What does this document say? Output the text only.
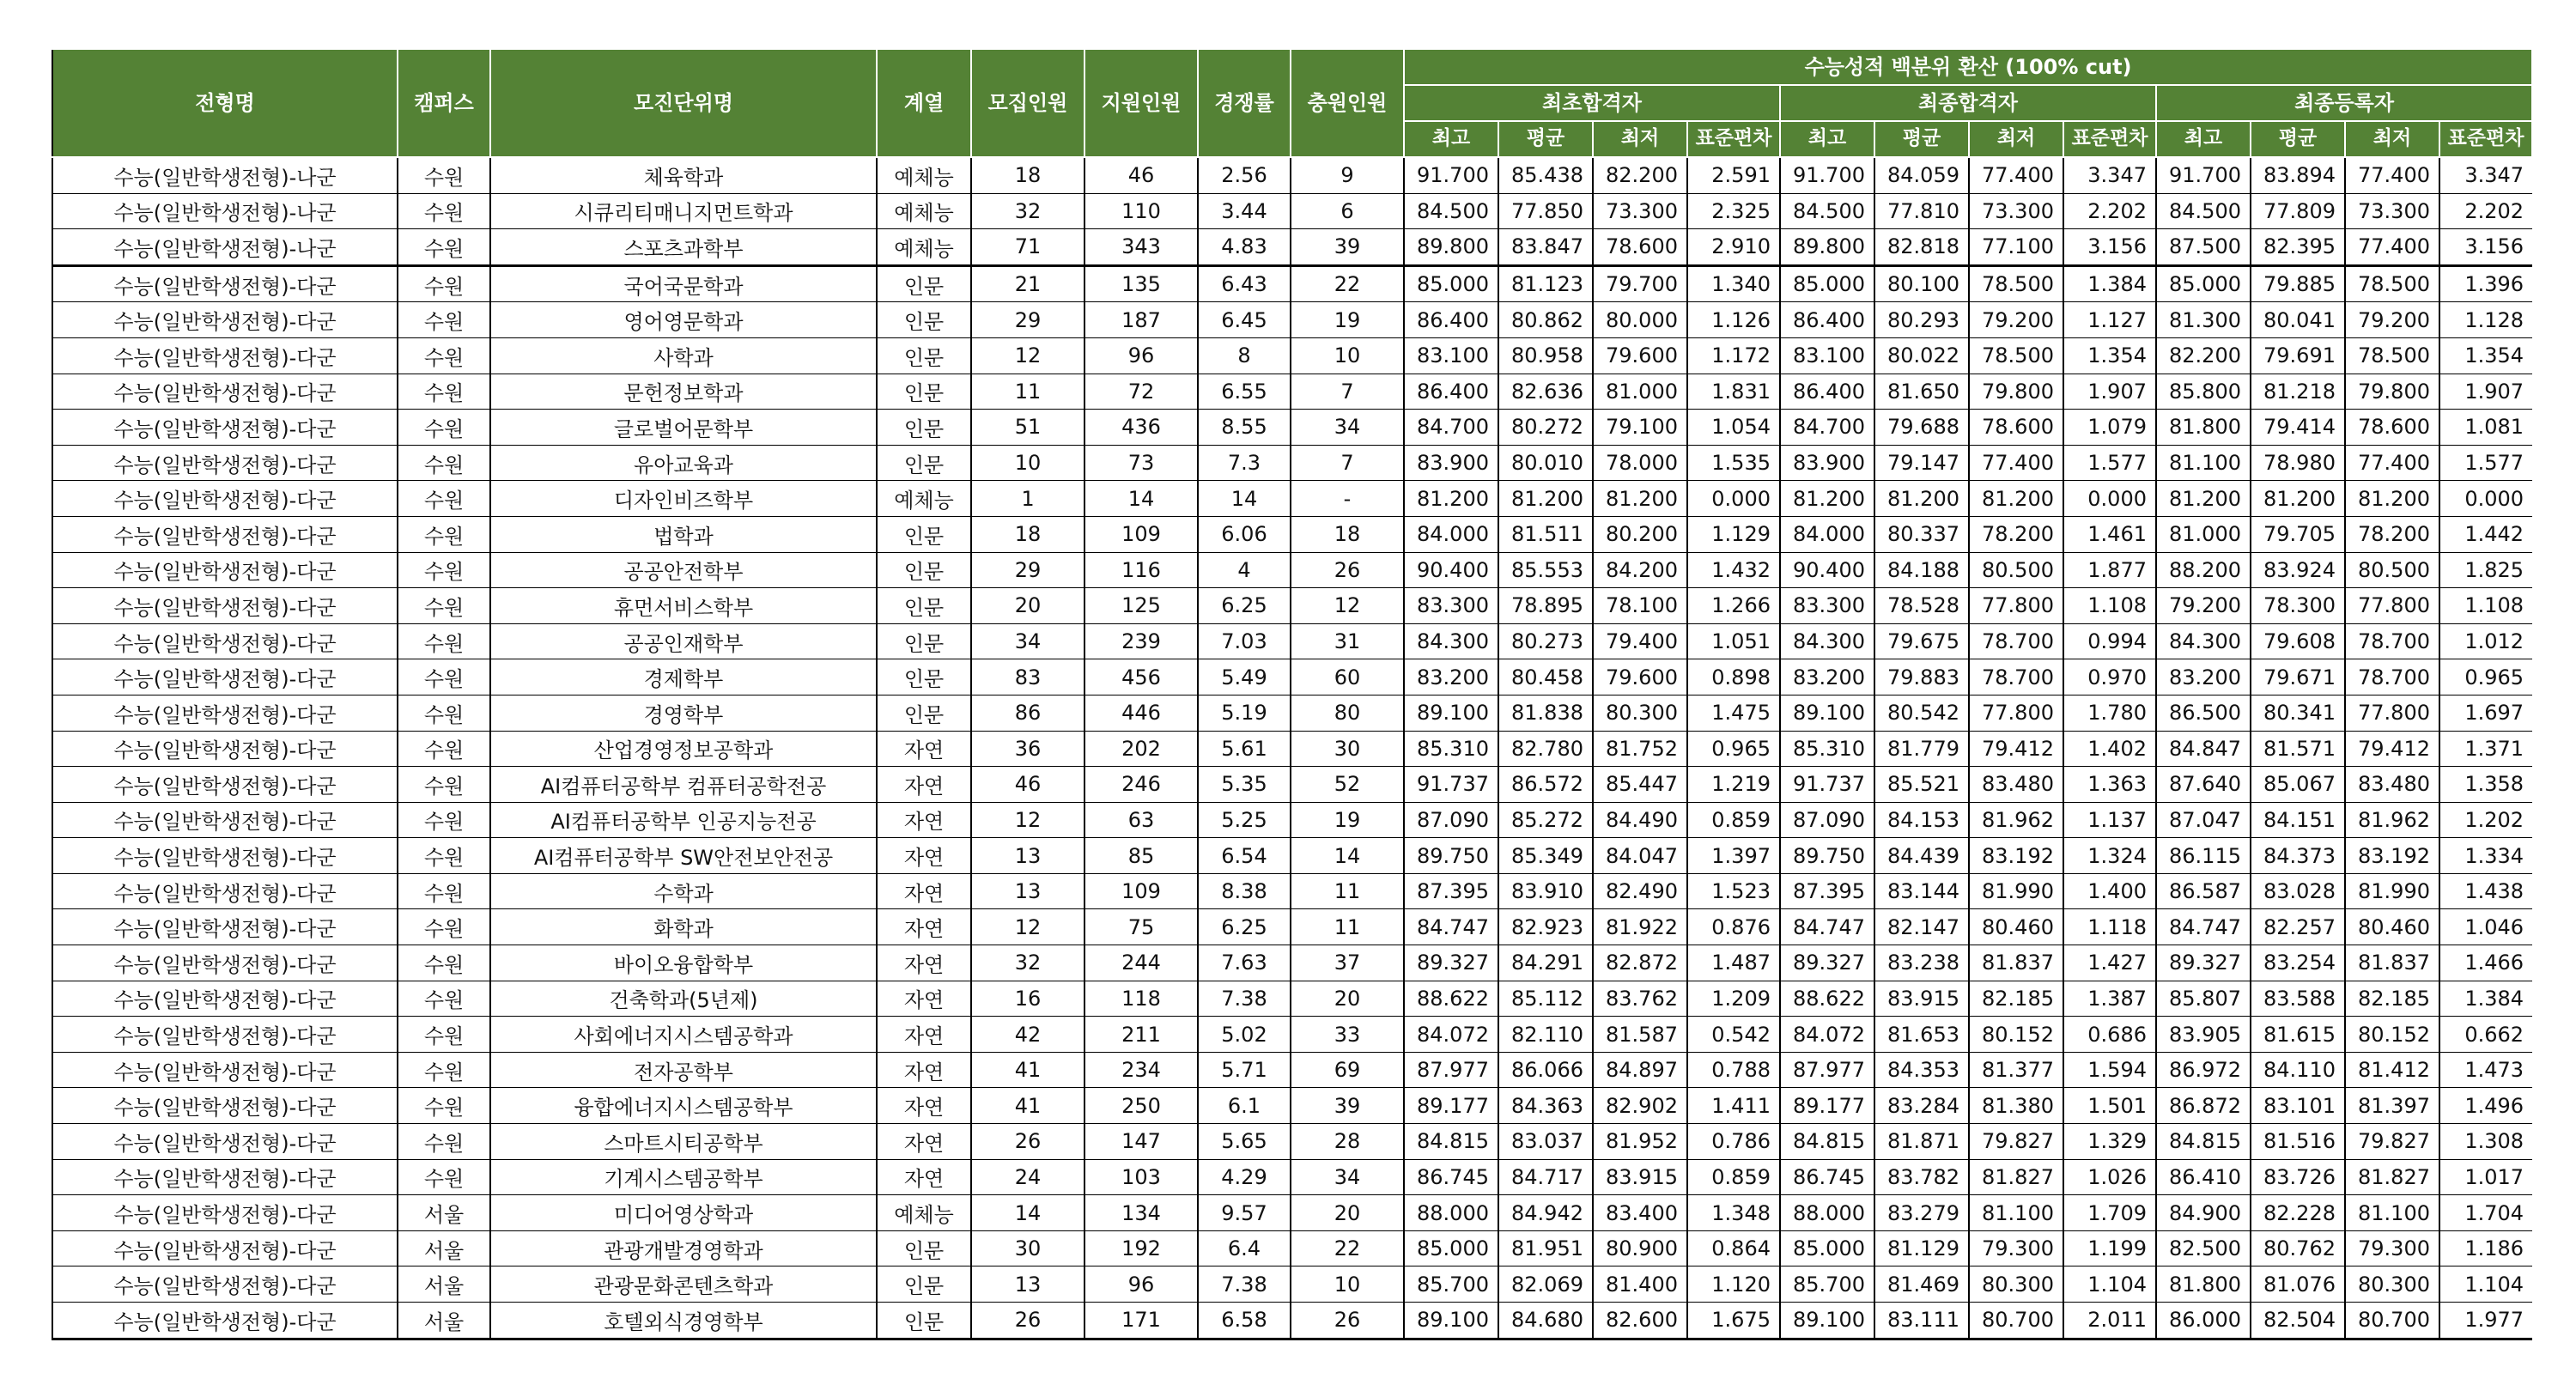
전형명	캠퍼스	모진단위명	계열	모집인원	지원인원	경쟁률	충원인원	수능성적 백분위 환산 (100% cut)											
								최초합격자				최종합격자				최종등록자			
								최고	평균	최저	표준편차	최고	평균	최저	표준편차	최고	평균	최저	표준편차
수능(일반학생전형)-나군	수원	체육학과	예체능	18	46	2.56	9	91.700	85.438	82.200	2.591	91.700	84.059	77.400	3.347	91.700	83.894	77.400	3.347
수능(일반학생전형)-나군	수원	시큐리티매니지먼트학과	예체능	32	110	3.44	6	84.500	77.850	73.300	2.325	84.500	77.810	73.300	2.202	84.500	77.809	73.300	2.202
수능(일반학생전형)-나군	수원	스포츠과학부	예체능	71	343	4.83	39	89.800	83.847	78.600	2.910	89.800	82.818	77.100	3.156	87.500	82.395	77.400	3.156
수능(일반학생전형)-다군	수원	국어국문학과	인문	21	135	6.43	22	85.000	81.123	79.700	1.340	85.000	80.100	78.500	1.384	85.000	79.885	78.500	1.396
수능(일반학생전형)-다군	수원	영어영문학과	인문	29	187	6.45	19	86.400	80.862	80.000	1.126	86.400	80.293	79.200	1.127	81.300	80.041	79.200	1.128
수능(일반학생전형)-다군	수원	사학과	인문	12	96	8	10	83.100	80.958	79.600	1.172	83.100	80.022	78.500	1.354	82.200	79.691	78.500	1.354
수능(일반학생전형)-다군	수원	문헌정보학과	인문	11	72	6.55	7	86.400	82.636	81.000	1.831	86.400	81.650	79.800	1.907	85.800	81.218	79.800	1.907
수능(일반학생전형)-다군	수원	글로벌어문학부	인문	51	436	8.55	34	84.700	80.272	79.100	1.054	84.700	79.688	78.600	1.079	81.800	79.414	78.600	1.081
수능(일반학생전형)-다군	수원	유아교육과	인문	10	73	7.3	7	83.900	80.010	78.000	1.535	83.900	79.147	77.400	1.577	81.100	78.980	77.400	1.577
수능(일반학생전형)-다군	수원	디자인비즈학부	예체능	1	14	14	-	81.200	81.200	81.200	0.000	81.200	81.200	81.200	0.000	81.200	81.200	81.200	0.000
수능(일반학생전형)-다군	수원	법학과	인문	18	109	6.06	18	84.000	81.511	80.200	1.129	84.000	80.337	78.200	1.461	81.000	79.705	78.200	1.442
수능(일반학생전형)-다군	수원	공공안전학부	인문	29	116	4	26	90.400	85.553	84.200	1.432	90.400	84.188	80.500	1.877	88.200	83.924	80.500	1.825
수능(일반학생전형)-다군	수원	휴먼서비스학부	인문	20	125	6.25	12	83.300	78.895	78.100	1.266	83.300	78.528	77.800	1.108	79.200	78.300	77.800	1.108
수능(일반학생전형)-다군	수원	공공인재학부	인문	34	239	7.03	31	84.300	80.273	79.400	1.051	84.300	79.675	78.700	0.994	84.300	79.608	78.700	1.012
수능(일반학생전형)-다군	수원	경제학부	인문	83	456	5.49	60	83.200	80.458	79.600	0.898	83.200	79.883	78.700	0.970	83.200	79.671	78.700	0.965
수능(일반학생전형)-다군	수원	경영학부	인문	86	446	5.19	80	89.100	81.838	80.300	1.475	89.100	80.542	77.800	1.780	86.500	80.341	77.800	1.697
수능(일반학생전형)-다군	수원	산업경영정보공학과	자연	36	202	5.61	30	85.310	82.780	81.752	0.965	85.310	81.779	79.412	1.402	84.847	81.571	79.412	1.371
수능(일반학생전형)-다군	수원	AI컴퓨터공학부 컴퓨터공학전공	자연	46	246	5.35	52	91.737	86.572	85.447	1.219	91.737	85.521	83.480	1.363	87.640	85.067	83.480	1.358
수능(일반학생전형)-다군	수원	AI컴퓨터공학부 인공지능전공	자연	12	63	5.25	19	87.090	85.272	84.490	0.859	87.090	84.153	81.962	1.137	87.047	84.151	81.962	1.202
수능(일반학생전형)-다군	수원	AI컴퓨터공학부 SW안전보안전공	자연	13	85	6.54	14	89.750	85.349	84.047	1.397	89.750	84.439	83.192	1.324	86.115	84.373	83.192	1.334
수능(일반학생전형)-다군	수원	수학과	자연	13	109	8.38	11	87.395	83.910	82.490	1.523	87.395	83.144	81.990	1.400	86.587	83.028	81.990	1.438
수능(일반학생전형)-다군	수원	화학과	자연	12	75	6.25	11	84.747	82.923	81.922	0.876	84.747	82.147	80.460	1.118	84.747	82.257	80.460	1.046
수능(일반학생전형)-다군	수원	바이오융합학부	자연	32	244	7.63	37	89.327	84.291	82.872	1.487	89.327	83.238	81.837	1.427	89.327	83.254	81.837	1.466
수능(일반학생전형)-다군	수원	건축학과(5년제)	자연	16	118	7.38	20	88.622	85.112	83.762	1.209	88.622	83.915	82.185	1.387	85.807	83.588	82.185	1.384
수능(일반학생전형)-다군	수원	사회에너지시스템공학과	자연	42	211	5.02	33	84.072	82.110	81.587	0.542	84.072	81.653	80.152	0.686	83.905	81.615	80.152	0.662
수능(일반학생전형)-다군	수원	전자공학부	자연	41	234	5.71	69	87.977	86.066	84.897	0.788	87.977	84.353	81.377	1.594	86.972	84.110	81.412	1.473
수능(일반학생전형)-다군	수원	융합에너지시스템공학부	자연	41	250	6.1	39	89.177	84.363	82.902	1.411	89.177	83.284	81.380	1.501	86.872	83.101	81.397	1.496
수능(일반학생전형)-다군	수원	스마트시티공학부	자연	26	147	5.65	28	84.815	83.037	81.952	0.786	84.815	81.871	79.827	1.329	84.815	81.516	79.827	1.308
수능(일반학생전형)-다군	수원	기계시스템공학부	자연	24	103	4.29	34	86.745	84.717	83.915	0.859	86.745	83.782	81.827	1.026	86.410	83.726	81.827	1.017
수능(일반학생전형)-다군	서울	미디어영상학과	예체능	14	134	9.57	20	88.000	84.942	83.400	1.348	88.000	83.279	81.100	1.709	84.900	82.228	81.100	1.704
수능(일반학생전형)-다군	서울	관광개발경영학과	인문	30	192	6.4	22	85.000	81.951	80.900	0.864	85.000	81.129	79.300	1.199	82.500	80.762	79.300	1.186
수능(일반학생전형)-다군	서울	관광문화콘텐츠학과	인문	13	96	7.38	10	85.700	82.069	81.400	1.120	85.700	81.469	80.300	1.104	81.800	81.076	80.300	1.104
수능(일반학생전형)-다군	서울	호텔외식경영학부	인문	26	171	6.58	26	89.100	84.680	82.600	1.675	89.100	83.111	80.700	2.011	86.000	82.504	80.700	1.977
